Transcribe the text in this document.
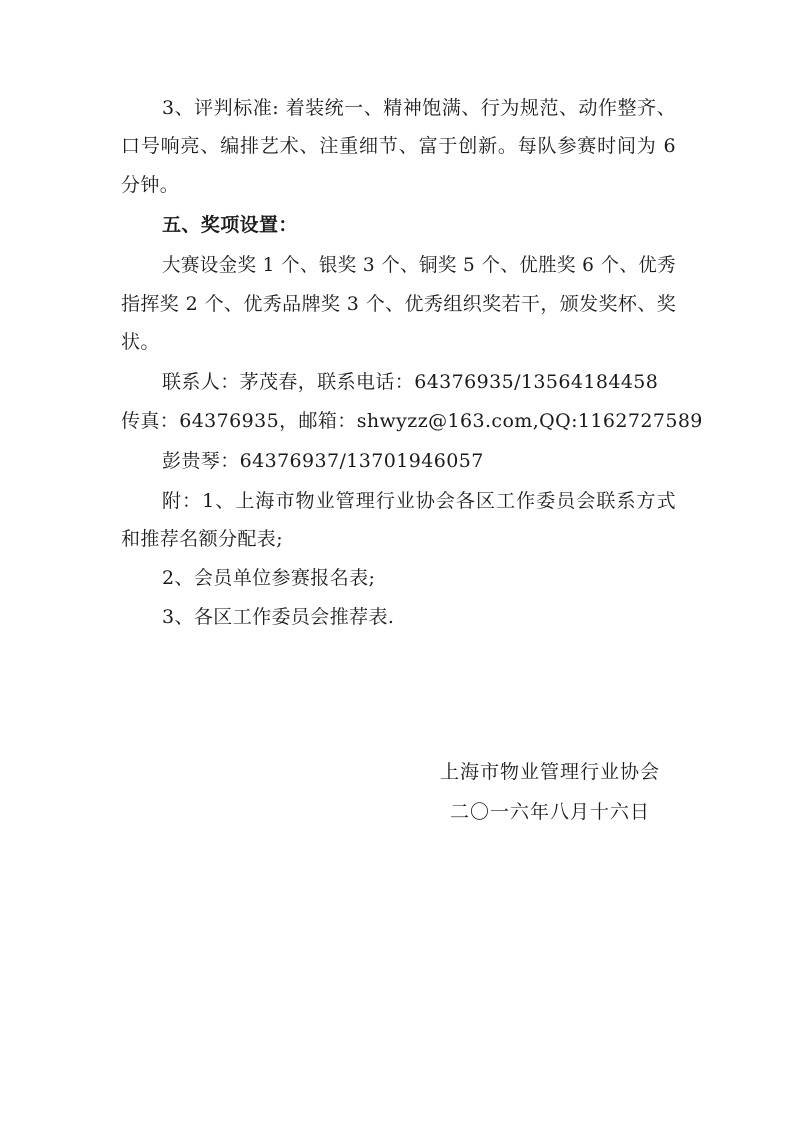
3、评判标准: 着装统一、精神饱满、行为规范、动作整齐、
口号响亮、编排艺术、注重细节、富于创新。每队参赛时间为 6
分钟。
五、奖项设置：
大赛设金奖 1 个、银奖 3 个、铜奖 5 个、优胜奖 6 个、优秀
指挥奖 2 个、优秀品牌奖 3 个、优秀组织奖若干，颁发奖杯、奖
状。
联系人：茅茂春，联系电话：64376935/13564184458
传真：64376935，邮箱：shwyzz@163.com,QQ:1162727589
彭贵琴：64376937/13701946057
附：1、上海市物业管理行业协会各区工作委员会联系方式
和推荐名额分配表;
2、会员单位参赛报名表;
3、各区工作委员会推荐表.
上海市物业管理行业协会
二〇一六年八月十六日
